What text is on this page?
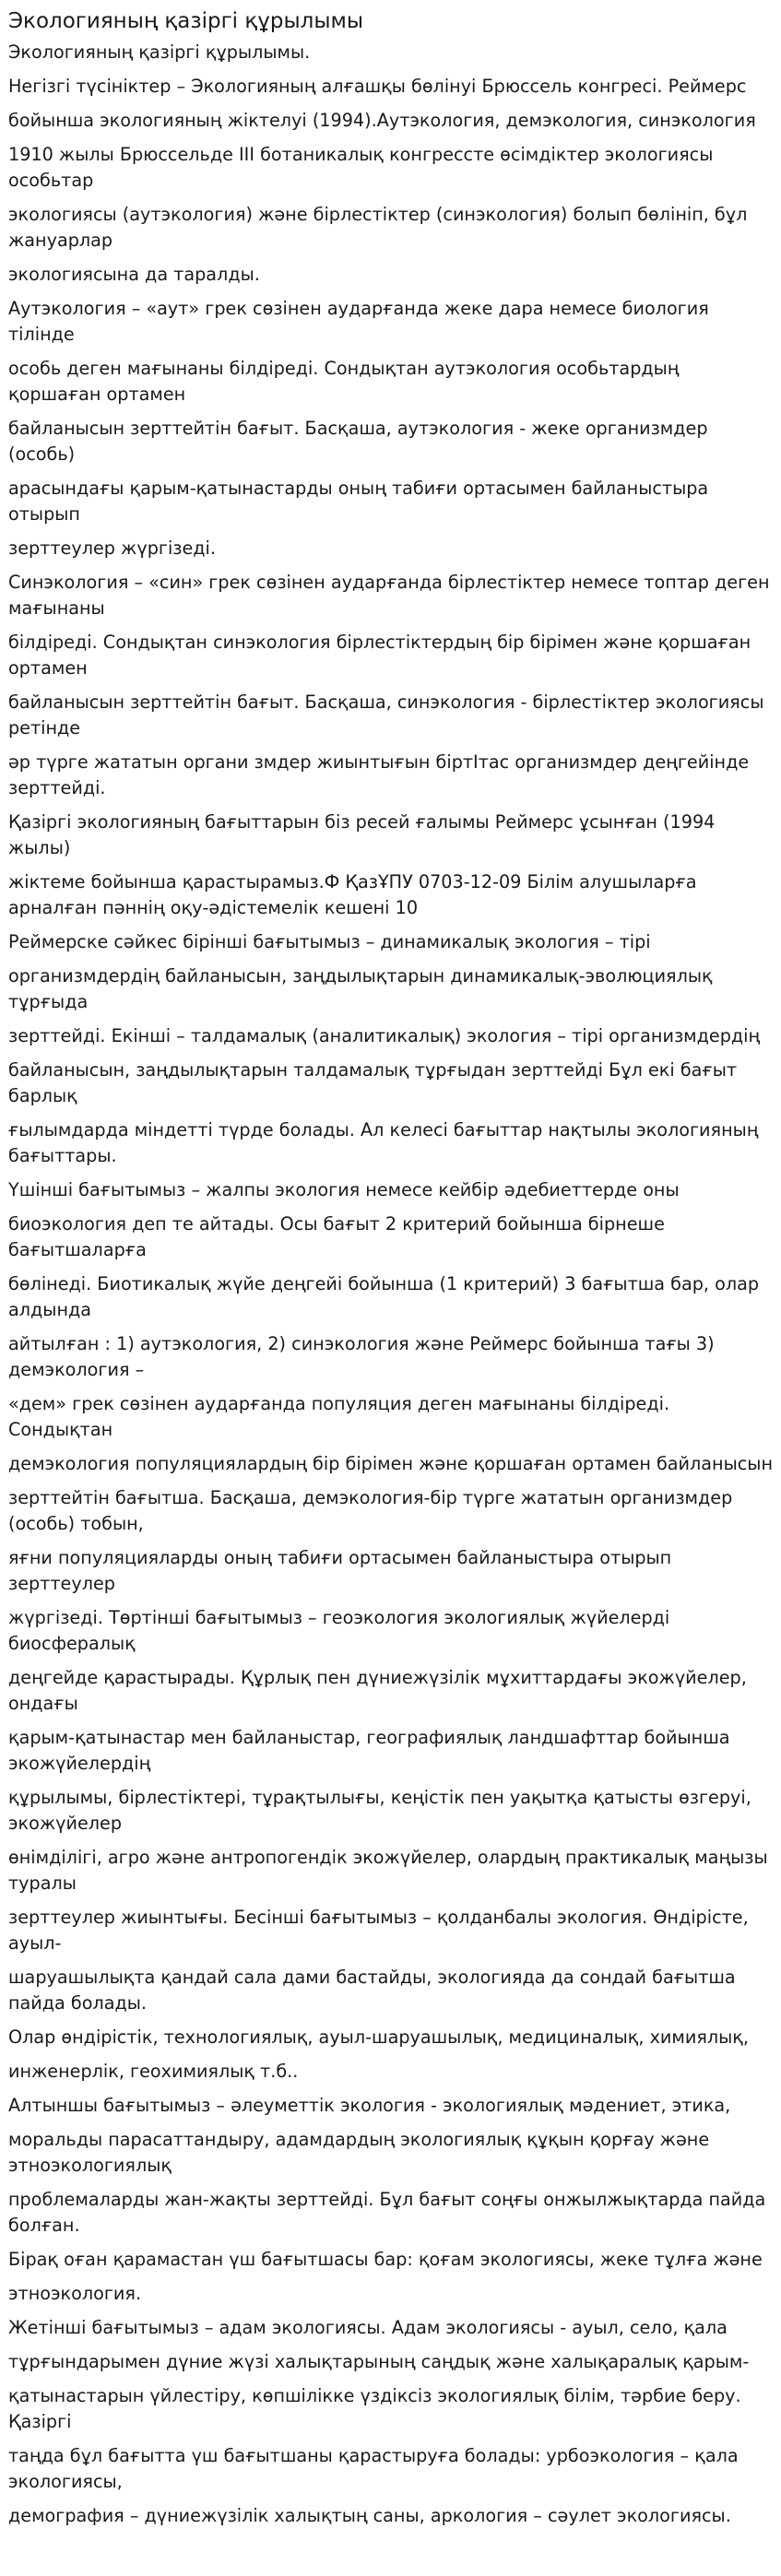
Экологияның қазіргі құрылымы

Экологияның қазіргі құрылымы.

Негізгі түсініктер – Экологияның алғашқы бөлінуі Брюссель конгресі. Реймерс

бойынша экологияның жіктелуі (1994).Аутэкология, демэкология, синэкология

1910 жылы Брюссельде III ботаникалық конгрессте өсімдіктер экологиясы особьтар

экологиясы (аутэкология) және бірлестіктер (синэкология) болып бөлініп, бұл жануарлар

экологиясына да таралды.

Аутэкология – «аут» грек сөзінен аударғанда жеке дара немесе биология тілінде

особь деген мағынаны білдіреді. Сондықтан аутэкология особьтардың қоршаған ортамен

байланысын зерттейтін бағыт. Басқаша, аутэкология - жеке организмдер (особь)

арасындағы қарым-қатынастарды оның табиғи ортасымен байланыстыра отырып

зерттеулер жүргізеді.

Синэкология – «син» грек сөзінен аударғанда бірлестіктер немесе топтар деген мағынаны

білдіреді. Сондықтан синэкология бірлестіктердың бір бірімен және қоршаған ортамен

байланысын зерттейтін бағыт. Басқаша, синэкология - бірлестіктер экологиясы ретінде

әр түрге жататын органи змдер жиынтығын біртІтас организмдер деңгейінде зерттейді.

Қазіргі экологияның бағыттарын біз ресей ғалымы Реймерс ұсынған (1994 жылы)

жіктеме бойынша қарастырамыз.Ф ҚазҰПУ 0703-12-09 Білім алушыларға арналған пәннің оқу-әдістемелік кешені 10

Реймерске сәйкес бірінші бағытымыз – динамикалық экология – тірі

организмдердің байланысын, заңдылықтарын динамикалық-эволюциялық тұрғыда

зерттейді. Екінші – талдамалық (аналитикалық) экология – тірі организмдердің

байланысын, заңдылықтарын талдамалық тұрғыдан зерттейді Бұл екі бағыт барлық

ғылымдарда міндетті түрде болады. Ал келесі бағыттар нақтылы экологияның бағыттары.

Үшінші бағытымыз – жалпы экология немесе кейбір әдебиеттерде оны

биоэкология деп те айтады. Осы бағыт 2 критерий бойынша бірнеше бағытшаларға

бөлінеді. Биотикалық жүйе деңгейі бойынша (1 критерий) 3 бағытша бар, олар алдында

айтылған : 1) аутэкология, 2) синэкология және Реймерс бойынша тағы 3) демэкология –

«дем» грек сөзінен аударғанда популяция деген мағынаны білдіреді. Сондықтан

демэкология популяциялардың бір бірімен және қоршаған ортамен байланысын

зерттейтін бағытша. Басқаша, демэкология-бір түрге жататын организмдер (особь) тобын,

яғни популяцияларды оның табиғи ортасымен байланыстыра отырып зерттеулер

жүргізеді. Төртінші бағытымыз – геоэкология экологиялық жүйелерді биосфералық

деңгейде қарастырады. Құрлық пен дүниежүзілік мұхиттардағы экожүйелер, ондағы

қарым-қатынастар мен байланыстар, географиялық ландшафттар бойынша экожүйелердің

құрылымы, бірлестіктері, тұрақтылығы, кеңістік пен уақытқа қатысты өзгеруі, экожүйелер

өнімділігі, агро және антропогендік экожүйелер, олардың практикалық маңызы туралы

зерттеулер жиынтығы. Бесінші бағытымыз – қолданбалы экология. Өндірісте, ауыл-

шаруашылықта қандай сала дами бастайды, экологияда да сондай бағытша пайда болады.

Олар өндірістік, технологиялық, ауыл-шаруашылық, медициналық, химиялық,

инженерлік, геохимиялық т.б..

Алтыншы бағытымыз – әлеуметтік экология - экологиялық мәдениет, этика,

моральды парасаттандыру, адамдардың экологиялық құқын қорғау және этноэкологиялық

проблемаларды жан-жақты зерттейді. Бұл бағыт соңғы онжылжықтарда пайда болған.

Бірақ оған қарамастан үш бағытшасы бар: қоғам экологиясы, жеке тұлға және

этноэкология.

Жетінші бағытымыз – адам экологиясы. Адам экологиясы - ауыл, село, қала

тұрғындарымен дүние жүзі халықтарының саңдық және халықаралық қарым-

қатынастарын үйлестіру, көпшілікке үздіксіз экологиялық білім, тәрбие беру. Қазіргі

таңда бұл бағытта үш бағытшаны қарастыруға болады: урбоэкология – қала экологиясы,

демография – дүниежүзілік халықтың саны, аркология – сәулет экологиясы.
